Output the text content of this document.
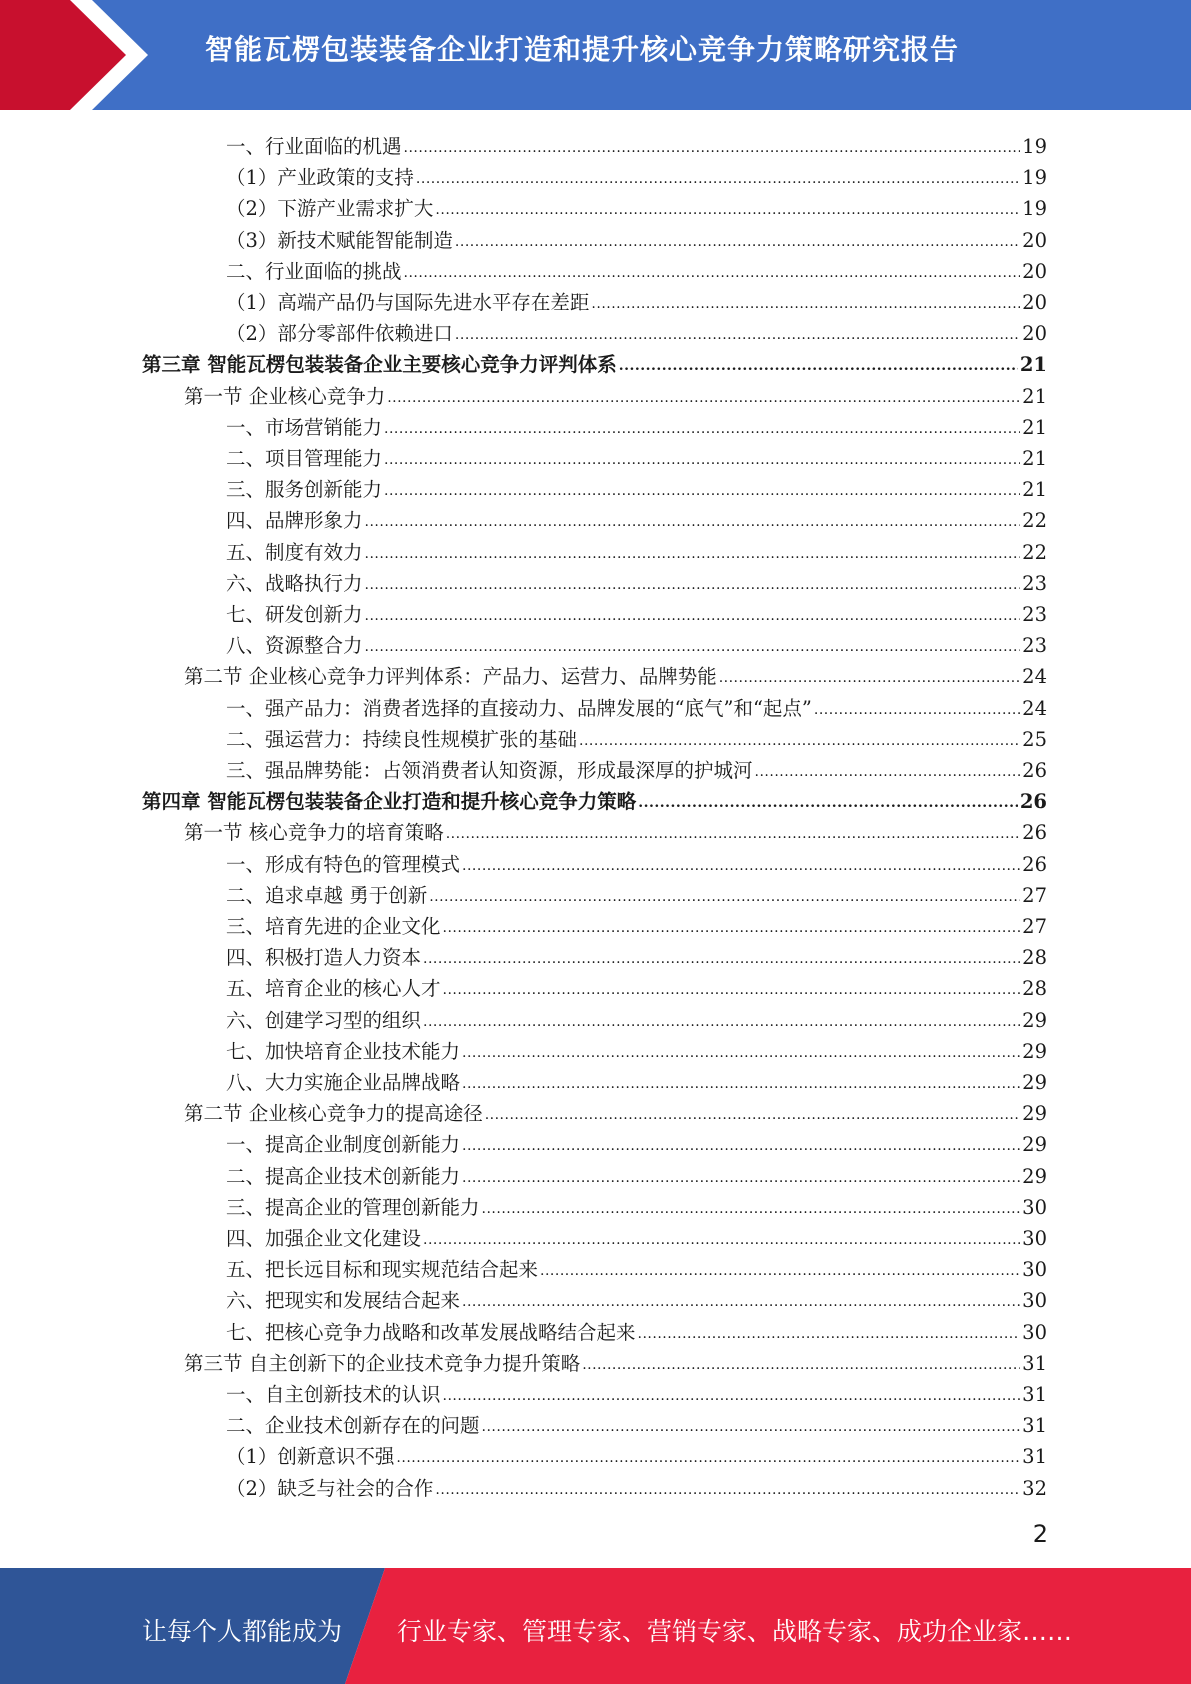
智能瓦楞包装装备企业打造和提升核心竞争力策略研究报告
一、行业面临的机遇 .....	19
（1）产业政策的支持 .....	19
（2）下游产业需求扩大 .....	19
（3）新技术赋能智能制造 .....	20
二、行业面临的挑战 .....	20
（1）高端产品仍与国际先进水平存在差距 .....	20
（2）部分零部件依赖进口 .....	20
第三章 智能瓦楞包装装备企业主要核心竞争力评判体系 .....	21
第一节 企业核心竞争力 .....	21
一、市场营销能力 .....	21
二、项目管理能力 .....	21
三、服务创新能力 .....	21
四、品牌形象力 .....	22
五、制度有效力 .....	22
六、战略执行力 .....	23
七、研发创新力 .....	23
八、资源整合力 .....	23
第二节 企业核心竞争力评判体系：产品力、运营力、品牌势能 .....	24
一、强产品力：消费者选择的直接动力、品牌发展的“底气”和“起点” .....	24
二、强运营力：持续良性规模扩张的基础 .....	25
三、强品牌势能：占领消费者认知资源，形成最深厚的护城河 .....	26
第四章 智能瓦楞包装装备企业打造和提升核心竞争力策略 .....	26
第一节 核心竞争力的培育策略 .....	26
一、形成有特色的管理模式 .....	26
二、追求卓越 勇于创新 .....	27
三、培育先进的企业文化 .....	27
四、积极打造人力资本 .....	28
五、培育企业的核心人才 .....	28
六、创建学习型的组织 .....	29
七、加快培育企业技术能力 .....	29
八、大力实施企业品牌战略 .....	29
第二节 企业核心竞争力的提高途径 .....	29
一、提高企业制度创新能力 .....	29
二、提高企业技术创新能力 .....	29
三、提高企业的管理创新能力 .....	30
四、加强企业文化建设 .....	30
五、把长远目标和现实规范结合起来 .....	30
六、把现实和发展结合起来 .....	30
七、把核心竞争力战略和改革发展战略结合起来 .....	30
第三节 自主创新下的企业技术竞争力提升策略 .....	31
一、自主创新技术的认识 .....	31
二、企业技术创新存在的问题 .....	31
（1）创新意识不强 .....	31
（2）缺乏与社会的合作 .....	32
2
让每个人都能成为 行业专家、管理专家、营销专家、战略专家、成功企业家……
